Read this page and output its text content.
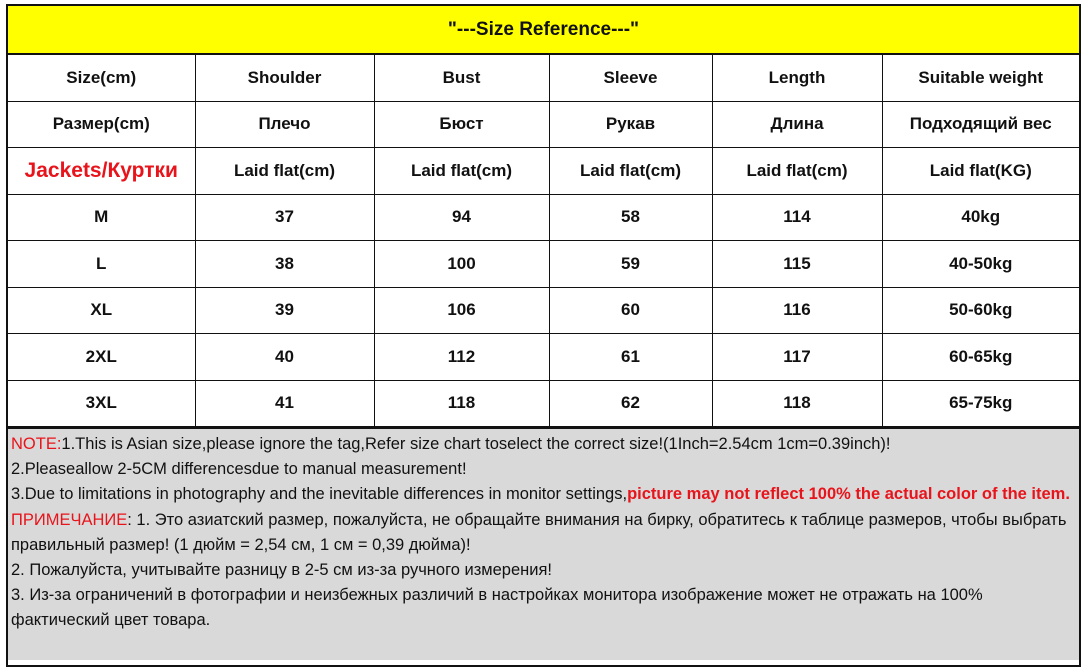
"---Size Reference---"
Size(cm)	Shoulder	Bust	Sleeve	Length	Suitable weight
Размер(cm)	Плечо	Бюст	Рукав	Длина	Подходящий вес
Jackets/Куртки	Laid flat(cm)	Laid flat(cm)	Laid flat(cm)	Laid flat(cm)	Laid flat(KG)
M	37	94	58	114	40kg
L	38	100	59	115	40-50kg
XL	39	106	60	116	50-60kg
2XL	40	112	61	117	60-65kg
3XL	41	118	62	118	65-75kg

NOTE:1.This is Asian size,please ignore the tag,Refer size chart toselect the correct size!(1Inch=2.54cm 1cm=0.39inch)!

2.Pleaseallow 2-5CM differencesdue to manual measurement!

3.Due to limitations in photography and the inevitable differences in monitor settings,picture may not reflect 100% the actual color of the item.

ПРИМЕЧАНИЕ: 1. Это азиатский размер, пожалуйста, не обращайте внимания на бирку, обратитесь к таблице размеров, чтобы выбрать правильный размер! (1 дюйм = 2,54 см, 1 см = 0,39 дюйма)!

2. Пожалуйста, учитывайте разницу в 2-5 см из-за ручного измерения!

3. Из-за ограничений в фотографии и неизбежных различий в настройках монитора изображение может не отражать на 100% фактический цвет товара.
